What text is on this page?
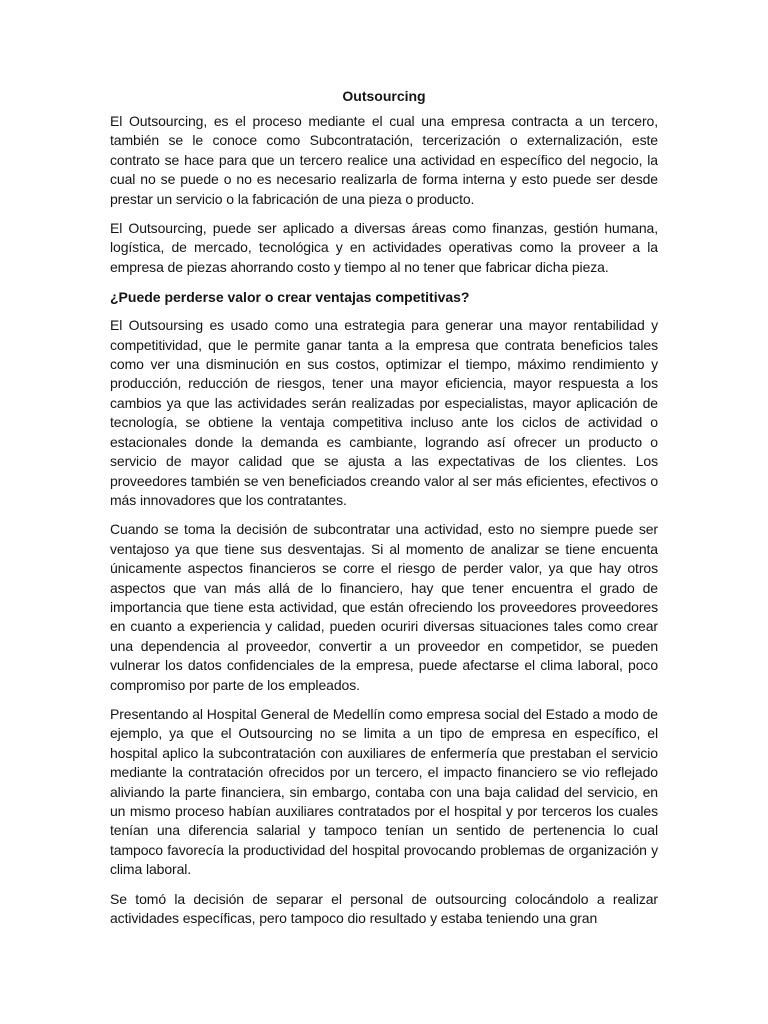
Outsourcing

El Outsourcing, es el proceso mediante el cual una empresa contracta a un tercero, también se le conoce como Subcontratación, tercerización o externalización, este contrato se hace para que un tercero realice una actividad en específico del negocio, la cual no se puede o no es necesario realizarla de forma interna y esto puede ser desde prestar un servicio o la fabricación de una pieza o producto.

El Outsourcing, puede ser aplicado a diversas áreas como finanzas, gestión humana, logística, de mercado, tecnológica y en actividades operativas como la proveer a la empresa de piezas ahorrando costo y tiempo al no tener que fabricar dicha pieza.

¿Puede perderse valor o crear ventajas competitivas?

El Outsoursing es usado como una estrategia para generar una mayor rentabilidad y competitividad, que le permite ganar tanta a la empresa que contrata beneficios tales como ver una disminución en sus costos, optimizar el tiempo, máximo rendimiento y producción, reducción de riesgos, tener una mayor eficiencia, mayor respuesta a los cambios ya que las actividades serán realizadas por especialistas, mayor aplicación de tecnología, se obtiene la ventaja competitiva incluso ante los ciclos de actividad o estacionales donde la demanda es cambiante, logrando así ofrecer un producto o servicio de mayor calidad que se ajusta a las expectativas de los clientes. Los proveedores también se ven beneficiados creando valor al ser más eficientes, efectivos o más innovadores que los contratantes.

Cuando se toma la decisión de subcontratar una actividad, esto no siempre puede ser ventajoso ya que tiene sus desventajas. Si al momento de analizar se tiene encuenta únicamente aspectos financieros se corre el riesgo de perder valor, ya que hay otros aspectos que van más allá de lo financiero, hay que tener encuentra el grado de importancia que tiene esta actividad, que están ofreciendo los proveedores proveedores en cuanto a experiencia y calidad, pueden ocuriri diversas situaciones tales como crear una dependencia al proveedor, convertir a un proveedor en competidor, se pueden vulnerar los datos confidenciales de la empresa, puede afectarse el clima laboral, poco compromiso por parte de los empleados.

Presentando al Hospital General de Medellín como empresa social del Estado a modo de ejemplo, ya que el Outsourcing no se limita a un tipo de empresa en específico, el hospital aplico la subcontratación con auxiliares de enfermería que prestaban el servicio mediante la contratación ofrecidos por un tercero, el impacto financiero se vio reflejado aliviando la parte financiera, sin embargo, contaba con una baja calidad del servicio, en un mismo proceso habían auxiliares contratados por el hospital y por terceros los cuales tenían una diferencia salarial y tampoco tenían un sentido de pertenencia lo cual tampoco favorecía la productividad del hospital provocando problemas de organización y clima laboral.

Se tomó la decisión de separar el personal de outsourcing colocándolo a realizar actividades específicas, pero tampoco dio resultado y estaba teniendo una gran
